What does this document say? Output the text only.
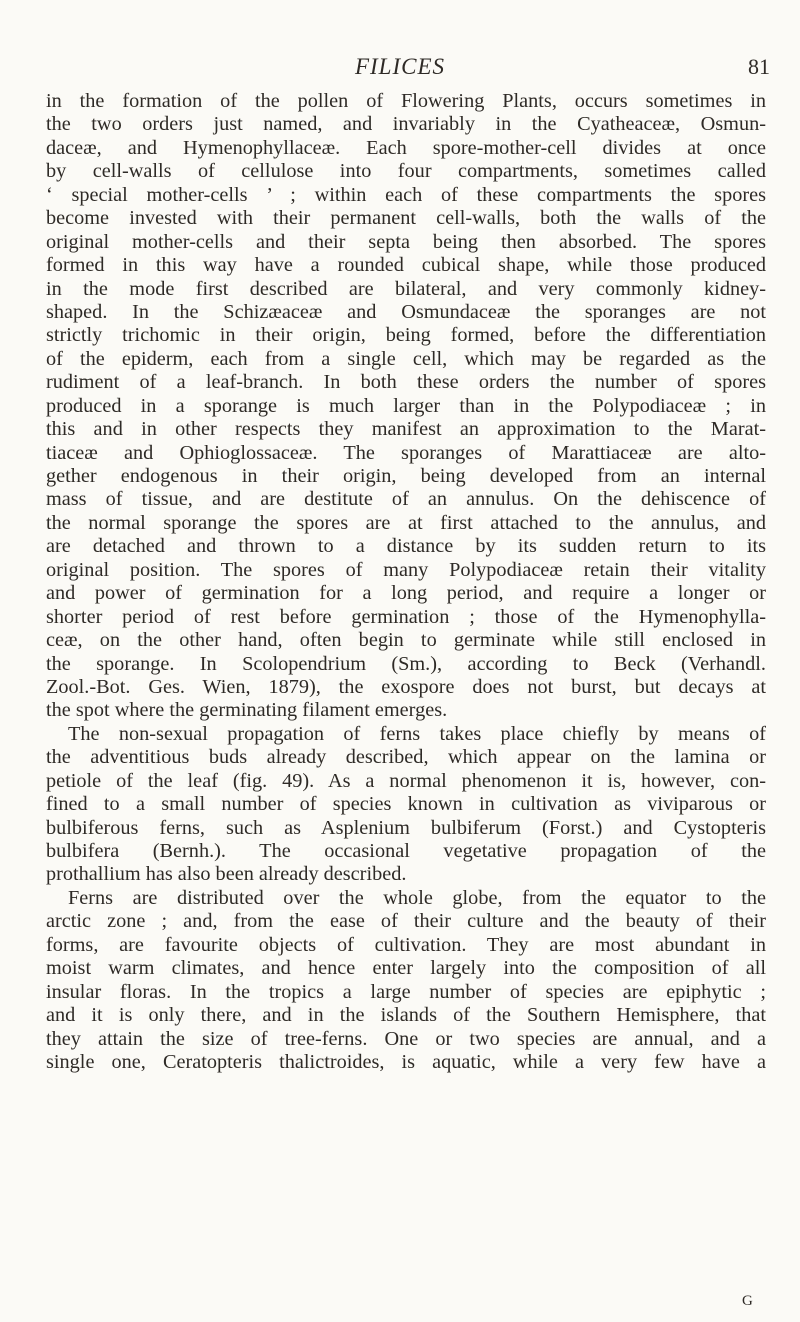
FILICES	81
in the formation of the pollen of Flowering Plants, occurs sometimes in
the two orders just named, and invariably in the Cyatheaceæ, Osmun-
daceæ, and Hymenophyllaceæ. Each spore-mother-cell divides at once
by cell-walls of cellulose into four compartments, sometimes called
‘ special mother-cells ’ ; within each of these compartments the spores
become invested with their permanent cell-walls, both the walls of the
original mother-cells and their septa being then absorbed. The spores
formed in this way have a rounded cubical shape, while those produced
in the mode first described are bilateral, and very commonly kidney-
shaped. In the Schizæaceæ and Osmundaceæ the sporanges are not
strictly trichomic in their origin, being formed, before the differentiation
of the epiderm, each from a single cell, which may be regarded as the
rudiment of a leaf-branch. In both these orders the number of spores
produced in a sporange is much larger than in the Polypodiaceæ ; in
this and in other respects they manifest an approximation to the Marat-
tiaceæ and Ophioglossaceæ. The sporanges of Marattiaceæ are alto-
gether endogenous in their origin, being developed from an internal
mass of tissue, and are destitute of an annulus. On the dehiscence of
the normal sporange the spores are at first attached to the annulus, and
are detached and thrown to a distance by its sudden return to its
original position. The spores of many Polypodiaceæ retain their vitality
and power of germination for a long period, and require a longer or
shorter period of rest before germination ; those of the Hymenophylla-
ceæ, on the other hand, often begin to germinate while still enclosed in
the sporange. In Scolopendrium (Sm.), according to Beck (Verhandl.
Zool.-Bot. Ges. Wien, 1879), the exospore does not burst, but decays at
the spot where the germinating filament emerges.
The non-sexual propagation of ferns takes place chiefly by means of
the adventitious buds already described, which appear on the lamina or
petiole of the leaf (fig. 49). As a normal phenomenon it is, however, con-
fined to a small number of species known in cultivation as viviparous or
bulbiferous ferns, such as Asplenium bulbiferum (Forst.) and Cystopteris
bulbifera (Bernh.). The occasional vegetative propagation of the
prothallium has also been already described.
Ferns are distributed over the whole globe, from the equator to the
arctic zone ; and, from the ease of their culture and the beauty of their
forms, are favourite objects of cultivation. They are most abundant in
moist warm climates, and hence enter largely into the composition of all
insular floras. In the tropics a large number of species are epiphytic ;
and it is only there, and in the islands of the Southern Hemisphere, that
they attain the size of tree-ferns. One or two species are annual, and a
single one, Ceratopteris thalictroides, is aquatic, while a very few have a
G
